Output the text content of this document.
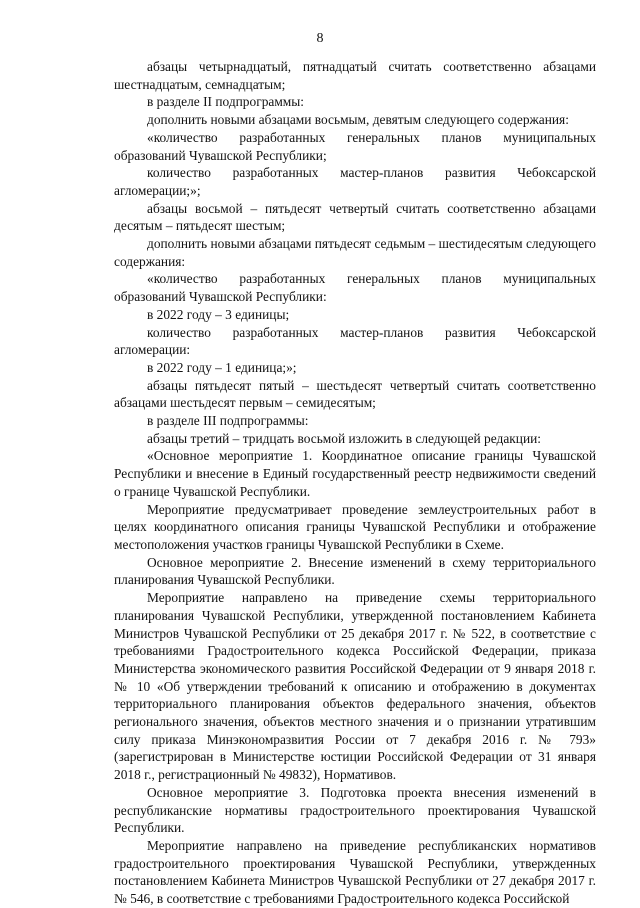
8

абзацы четырнадцатый, пятнадцатый считать соответственно абзацами шестнадцатым, семнадцатым;

в разделе II подпрограммы:

дополнить новыми абзацами восьмым, девятым следующего содержания:

«количество разработанных генеральных планов муниципальных образований Чувашской Республики;

количество разработанных мастер-планов развития Чебоксарской агломерации;»;

абзацы восьмой – пятьдесят четвертый считать соответственно абзацами десятым – пятьдесят шестым;

дополнить новыми абзацами пятьдесят седьмым – шестидесятым следующего содержания:

«количество разработанных генеральных планов муниципальных образований Чувашской Республики:

в 2022 году – 3 единицы;

количество разработанных мастер-планов развития Чебоксарской агломерации:

в 2022 году – 1 единица;»;

абзацы пятьдесят пятый – шестьдесят четвертый считать соответственно абзацами шестьдесят первым – семидесятым;

в разделе III подпрограммы:

абзацы третий – тридцать восьмой изложить в следующей редакции:

«Основное мероприятие 1. Координатное описание границы Чувашской Республики и внесение в Единый государственный реестр недвижимости сведений о границе Чувашской Республики.

Мероприятие предусматривает проведение землеустроительных работ в целях координатного описания границы Чувашской Республики и отображение местоположения участков границы Чувашской Республики в Схеме.

Основное мероприятие 2. Внесение изменений в схему территориального планирования Чувашской Республики.

Мероприятие направлено на приведение схемы территориального планирования Чувашской Республики, утвержденной постановлением Кабинета Министров Чувашской Республики от 25 декабря 2017 г. № 522, в соответствие с требованиями Градостроительного кодекса Российской Федерации, приказа Министерства экономического развития Российской Федерации от 9 января 2018 г. № 10 «Об утверждении требований к описанию и отображению в документах территориального планирования объектов федерального значения, объектов регионального значения, объектов местного значения и о признании утратившим силу приказа Минэкономразвития России от 7 декабря 2016 г. № 793» (зарегистрирован в Министерстве юстиции Российской Федерации от 31 января 2018 г., регистрационный № 49832), Нормативов.

Основное мероприятие 3. Подготовка проекта внесения изменений в республиканские нормативы градостроительного проектирования Чувашской Республики.

Мероприятие направлено на приведение республиканских нормативов градостроительного проектирования Чувашской Республики, утвержденных постановлением Кабинета Министров Чувашской Республики от 27 декабря 2017 г. № 546, в соответствие с требованиями Градостроительного кодекса Российской
